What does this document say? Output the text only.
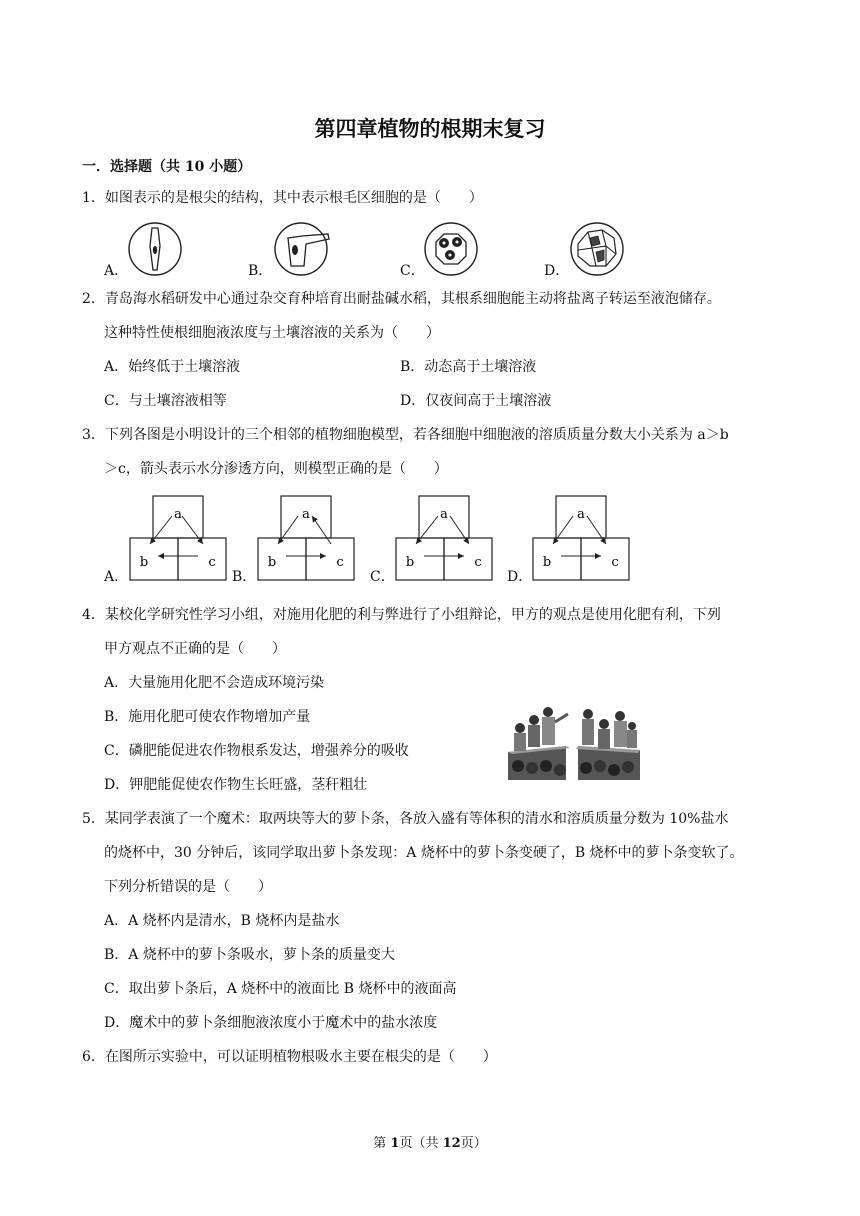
第四章植物的根期末复习
一．选择题（共 10 小题）
1．如图表示的是根尖的结构，其中表示根毛区细胞的是（　　）
A．	B．	C．	D．
2．青岛海水稻研发中心通过杂交育种培育出耐盐碱水稻，其根系细胞能主动将盐离子转运至液泡储存。
这种特性使根细胞液浓度与土壤溶液的关系为（　　）
A．始终低于土壤溶液	B．动态高于土壤溶液
C．与土壤溶液相等	D．仅夜间高于土壤溶液
3．下列各图是小明设计的三个相邻的植物细胞模型，若各细胞中细胞液的溶质质量分数大小关系为 a＞b
＞c，箭头表示水分渗透方向，则模型正确的是（　　）
A．
a
b	c
B．
a
b	c
C．
a
b	c
D．
a
b	c
4．某校化学研究性学习小组，对施用化肥的利与弊进行了小组辩论，甲方的观点是使用化肥有利，下列
甲方观点不正确的是（　　）
A．大量施用化肥不会造成环境污染
B．施用化肥可使农作物增加产量
C．磷肥能促进农作物根系发达，增强养分的吸收
D．钾肥能促使农作物生长旺盛，茎秆粗壮
5．某同学表演了一个魔术：取两块等大的萝卜条，各放入盛有等体积的清水和溶质质量分数为 10%盐水
的烧杯中，30 分钟后，该同学取出萝卜条发现：A 烧杯中的萝卜条变硬了，B 烧杯中的萝卜条变软了。
下列分析错误的是（　　）
A．A 烧杯内是清水，B 烧杯内是盐水
B．A 烧杯中的萝卜条吸水，萝卜条的质量变大
C．取出萝卜条后，A 烧杯中的液面比 B 烧杯中的液面高
D．魔术中的萝卜条细胞液浓度小于魔术中的盐水浓度
6．在图所示实验中，可以证明植物根吸水主要在根尖的是（　　）
第 1页（共 12页）
